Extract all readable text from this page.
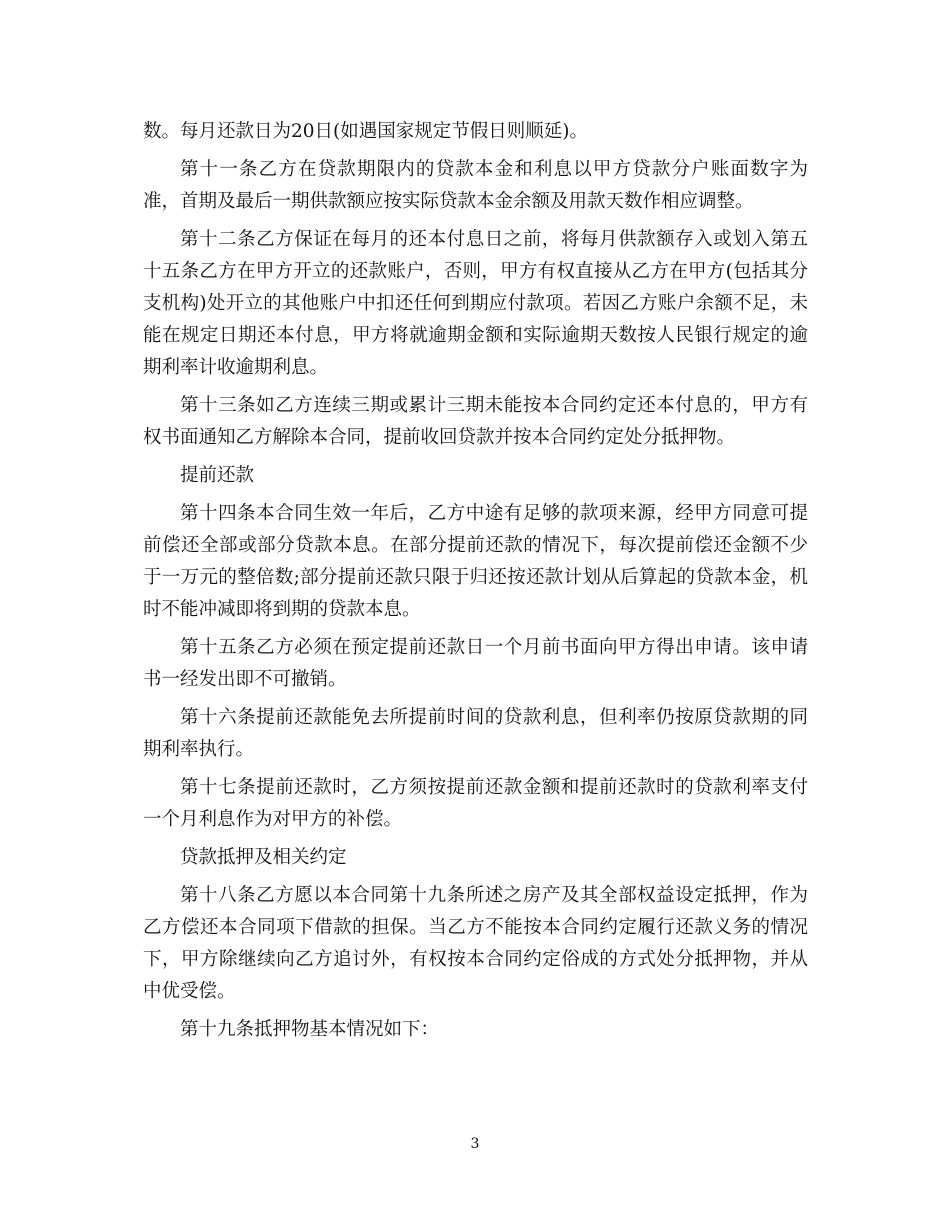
数。每月还款日为20日(如遇国家规定节假日则顺延)。

第十一条乙方在贷款期限内的贷款本金和利息以甲方贷款分户账面数字为准，首期及最后一期供款额应按实际贷款本金余额及用款天数作相应调整。

第十二条乙方保证在每月的还本付息日之前，将每月供款额存入或划入第五十五条乙方在甲方开立的还款账户，否则，甲方有权直接从乙方在甲方(包括其分支机构)处开立的其他账户中扣还任何到期应付款项。若因乙方账户余额不足，未能在规定日期还本付息，甲方将就逾期金额和实际逾期天数按人民银行规定的逾期利率计收逾期利息。

第十三条如乙方连续三期或累计三期未能按本合同约定还本付息的，甲方有权书面通知乙方解除本合同，提前收回贷款并按本合同约定处分抵押物。

提前还款

第十四条本合同生效一年后，乙方中途有足够的款项来源，经甲方同意可提前偿还全部或部分贷款本息。在部分提前还款的情况下，每次提前偿还金额不少于一万元的整倍数;部分提前还款只限于归还按还款计划从后算起的贷款本金，机时不能冲减即将到期的贷款本息。

第十五条乙方必须在预定提前还款日一个月前书面向甲方得出申请。该申请书一经发出即不可撤销。

第十六条提前还款能免去所提前时间的贷款利息，但利率仍按原贷款期的同期利率执行。

第十七条提前还款时，乙方须按提前还款金额和提前还款时的贷款利率支付一个月利息作为对甲方的补偿。

贷款抵押及相关约定

第十八条乙方愿以本合同第十九条所述之房产及其全部权益设定抵押，作为乙方偿还本合同项下借款的担保。当乙方不能按本合同约定履行还款义务的情况下，甲方除继续向乙方追讨外，有权按本合同约定俗成的方式处分抵押物，并从中优受偿。

第十九条抵押物基本情况如下：

3
